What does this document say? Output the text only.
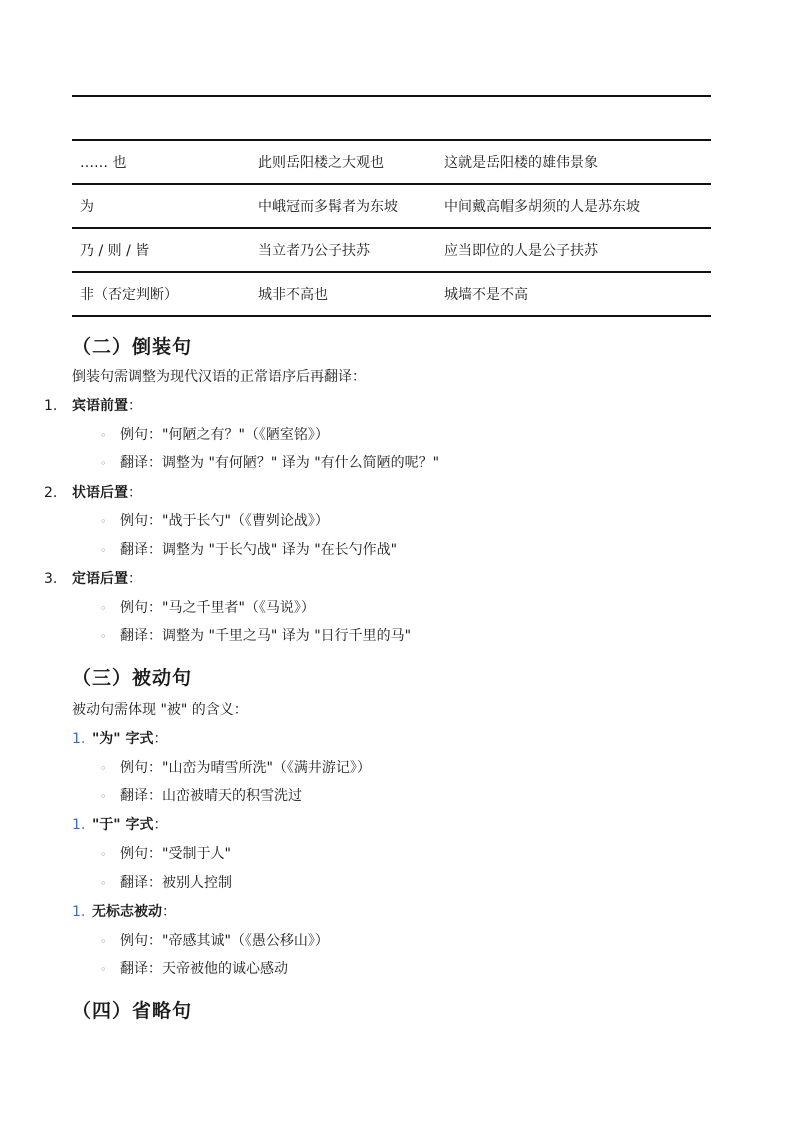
…… 也	此则岳阳楼之大观也	这就是岳阳楼的雄伟景象
为	中峨冠而多髯者为东坡	中间戴高帽多胡须的人是苏东坡
乃 / 则 / 皆	当立者乃公子扶苏	应当即位的人是公子扶苏
非（否定判断）	城非不高也	城墙不是不高
（二）倒装句
倒装句需调整为现代汉语的正常语序后再翻译：
1. 宾语前置：
◦ 例句："何陋之有？"（《陋室铭》）
◦ 翻译：调整为 "有何陋？" 译为 "有什么简陋的呢？"
2. 状语后置：
◦ 例句："战于长勺"（《曹刿论战》）
◦ 翻译：调整为 "于长勺战" 译为 "在长勺作战"
3. 定语后置：
◦ 例句："马之千里者"（《马说》）
◦ 翻译：调整为 "千里之马" 译为 "日行千里的马"
（三）被动句
被动句需体现 "被" 的含义：
1. "为" 字式：
◦ 例句："山峦为晴雪所洗"（《满井游记》）
◦ 翻译：山峦被晴天的积雪洗过
1. "于" 字式：
◦ 例句："受制于人"
◦ 翻译：被别人控制
1. 无标志被动：
◦ 例句："帝感其诚"（《愚公移山》）
◦ 翻译：天帝被他的诚心感动
（四）省略句
